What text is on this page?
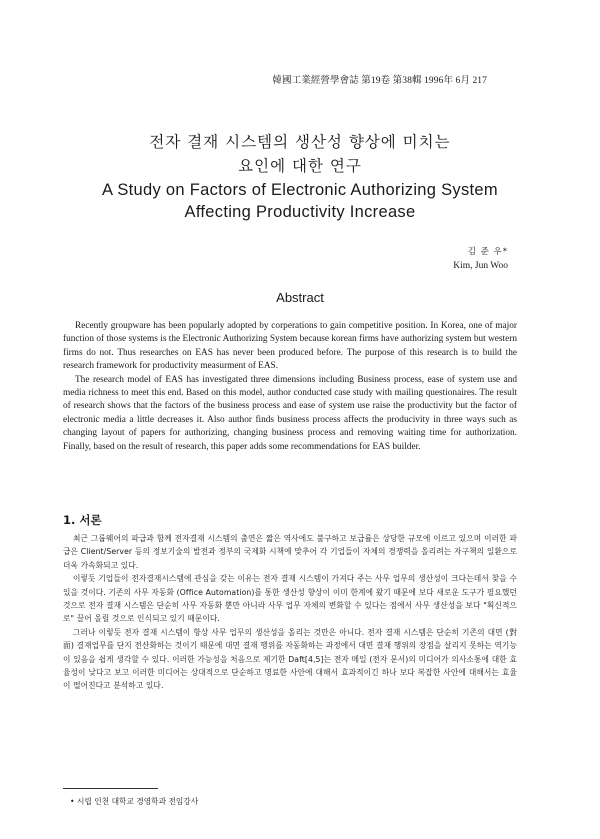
韓國工業經營學會誌 第19卷 第38輯 1996年 6月 217
전자 결재 시스템의 생산성 향상에 미치는
요인에 대한 연구
A Study on Factors of Electronic Authorizing System
Affecting Productivity Increase
김 준 우*
Kim, Jun Woo
Abstract

Recently groupware has been popularly adopted by corperations to gain competitive position. In Korea, one of major function of those systems is the Electronic Authorizing System because korean firms have authorizing system but western firms do not. Thus researches on EAS has never been produced before. The purpose of this research is to build the research framework for productivity measurment of EAS.

The research model of EAS has investigated three dimensions including Business process, ease of system use and media richness to meet this end. Based on this model, author conducted case study with mailing questionaires. The result of research shows that the factors of the business process and ease of system use raise the productivity but the factor of electronic media a little decreases it. Also author finds business process affects the producivity in three ways such as changing layout of papers for authorizing, changing business process and removing waiting time for authorization. Finally, based on the result of research, this paper adds some recommendations for EAS builder.

1. 서론

최근 그룹웨어의 파급과 함께 전자결재 시스템의 출연은 짧은 역사에도 불구하고 보급률은 상당한 규모에 이르고 있으며 이러한 파급은 Client/Server 등의 정보기술의 발전과 정부의 국제화 시책에 맞추어 각 기업들이 자체의 경쟁력을 올리려는 자구책의 일환으로 더욱 가속화되고 있다.

이렇듯 기업들이 전자결재시스템에 관심을 갖는 이유는 전자 결재 시스템이 가져다 주는 사무 업무의 생산성이 크다는데서 찾을 수 있을 것이다. 기존의 사무 자동화 (Office Automation)를 통한 생산성 향상이 이미 한계에 왔기 때문에 보다 새로운 도구가 필요했던 것으로 전자 결재 시스템은 단순히 사무 자동화 뿐만 아니라 사무 업무 자체의 변화할 수 있다는 점에서 사무 생산성을 보다 "획신적으로" 끌어 올릴 것으로 인식되고 있기 때문이다.

그러나 이렇듯 전자 결재 시스템이 항상 사무 업무의 생산성을 올리는 것만은 아니다. 전자 결재 시스템은 단순히 기존의 대면 (對面) 결재업무를 단지 전산화하는 것이기 때문에 대면 결재 행위를 자동화하는 과정에서 대면 결재 행위의 장점을 살리지 못하는 역기능이 있음을 쉽게 생각할 수 있다. 이러한 가능성을 처음으로 제기한 Daft[4,5]는 전자 메일 (전자 문서)의 미디어가 의사소통에 대한 효율성이 낮다고 보고 이러한 미디어는 상대적으로 단순하고 명료한 사안에 대해서 효과적이긴 하나 보다 복잡한 사안에 대해서는 효율이 떨어진다고 분석하고 있다.

• 시립 인천 대학교 경영학과 전임강사
